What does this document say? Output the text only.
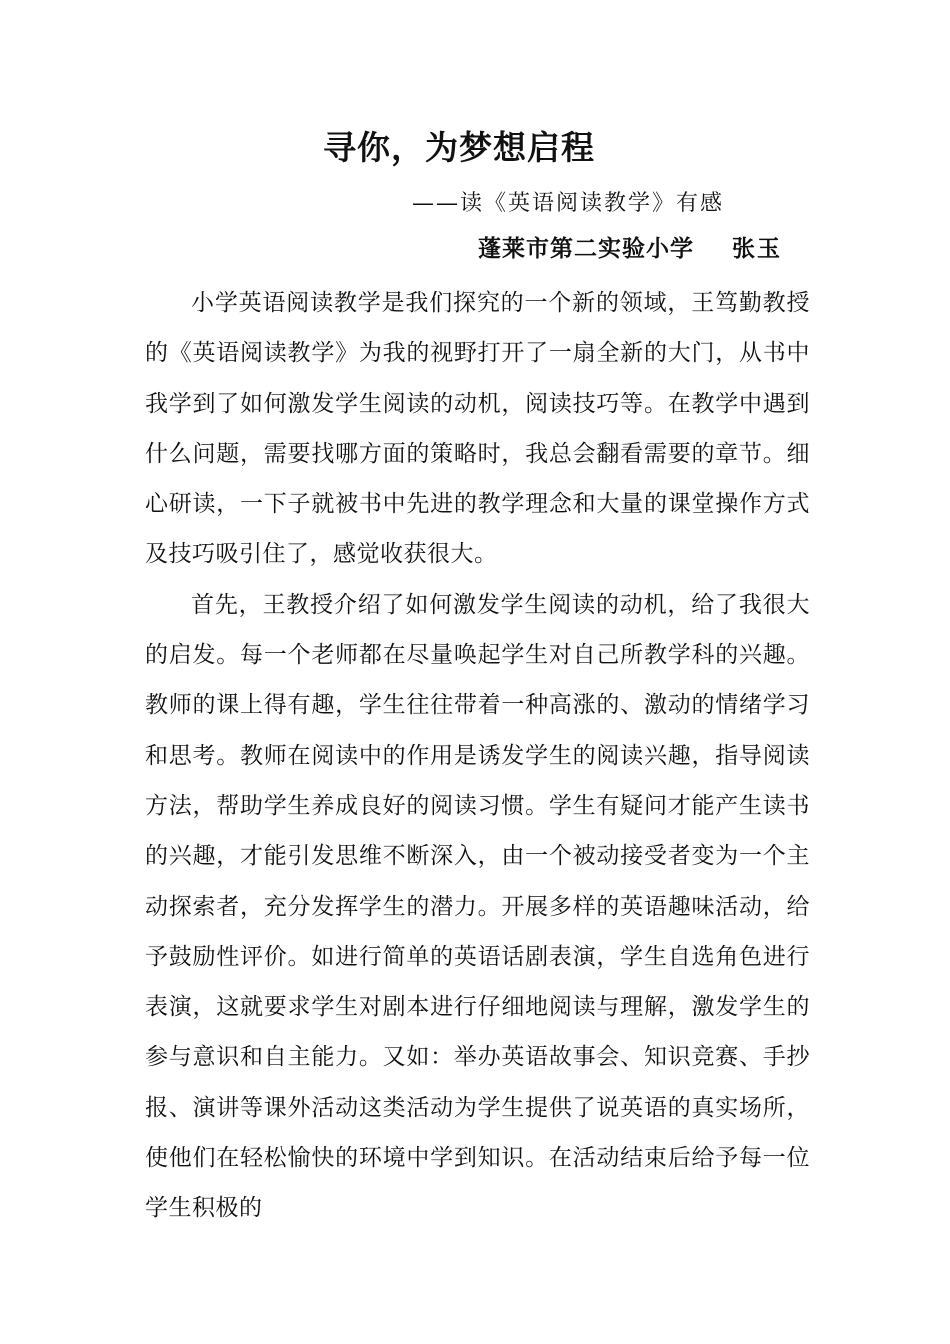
寻你，为梦想启程
——读《英语阅读教学》有感
蓬莱市第二实验小学 张玉

小学英语阅读教学是我们探究的一个新的领域，王笃勤教授的《英语阅读教学》为我的视野打开了一扇全新的大门，从书中我学到了如何激发学生阅读的动机，阅读技巧等。在教学中遇到什么问题，需要找哪方面的策略时，我总会翻看需要的章节。细心研读，一下子就被书中先进的教学理念和大量的课堂操作方式及技巧吸引住了，感觉收获很大。

首先，王教授介绍了如何激发学生阅读的动机，给了我很大的启发。每一个老师都在尽量唤起学生对自己所教学科的兴趣。教师的课上得有趣，学生往往带着一种高涨的、激动的情绪学习和思考。教师在阅读中的作用是诱发学生的阅读兴趣，指导阅读方法，帮助学生养成良好的阅读习惯。学生有疑问才能产生读书的兴趣，才能引发思维不断深入，由一个被动接受者变为一个主动探索者，充分发挥学生的潜力。开展多样的英语趣味活动，给予鼓励性评价。如进行简单的英语话剧表演，学生自选角色进行表演，这就要求学生对剧本进行仔细地阅读与理解，激发学生的参与意识和自主能力。又如：举办英语故事会、知识竞赛、手抄报、演讲等课外活动这类活动为学生提供了说英语的真实场所，使他们在轻松愉快的环境中学到知识。在活动结束后给予每一位学生积极的
